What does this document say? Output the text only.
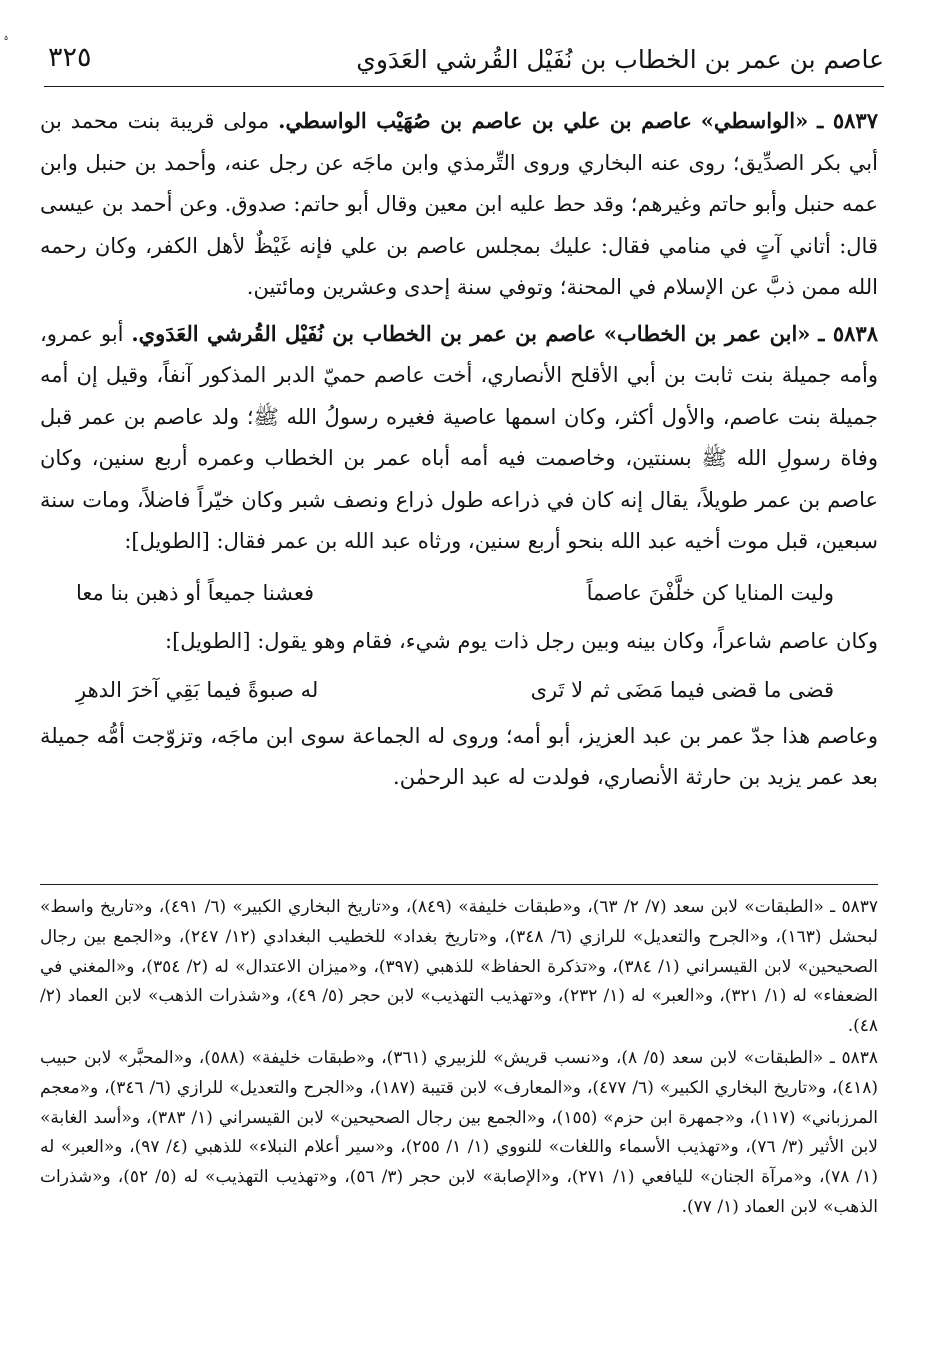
ﮦ
٣٢٥	عاصم بن عمر بن الخطاب بن نُفَيْل القُرشي العَدَوي

٥٨٣٧ ـ «الواسطي» عاصم بن علي بن عاصم بن صُهَيْب الواسطي. مولى قريبة بنت محمد بن أبي بكر الصدِّيق؛ روى عنه البخاري وروى التِّرمذي وابن ماجَه عن رجل عنه، وأحمد بن حنبل وابن عمه حنبل وأبو حاتم وغيرهم؛ وقد حط عليه ابن معين وقال أبو حاتم: صدوق. وعن أحمد بن عيسى قال: أتاني آتٍ في منامي فقال: عليك بمجلس عاصم بن علي فإنه غَيْظٌ لأهل الكفر، وكان رحمه الله ممن ذبَّ عن الإسلام في المحنة؛ وتوفي سنة إحدى وعشرين ومائتين.

٥٨٣٨ ـ «ابن عمر بن الخطاب» عاصم بن عمر بن الخطاب بن نُفَيْل القُرشي العَدَوي. أبو عمرو، وأمه جميلة بنت ثابت بن أبي الأقلح الأنصاري، أخت عاصم حميّ الدبر المذكور آنفاً، وقيل إن أمه جميلة بنت عاصم، والأول أكثر، وكان اسمها عاصية فغيره رسولُ الله ﷺ؛ ولد عاصم بن عمر قبل وفاة رسولِ الله ﷺ بسنتين، وخاصمت فيه أمه أباه عمر بن الخطاب وعمره أربع سنين، وكان عاصم بن عمر طويلاً، يقال إنه كان في ذراعه طول ذراع ونصف شبر وكان خيّراً فاضلاً، ومات سنة سبعين، قبل موت أخيه عبد الله بنحو أربع سنين، ورثاه عبد الله بن عمر فقال: [الطويل]:

وليت المنايا كن خلَّفْنَ عاصماً
فعشنا جميعاً أو ذهبن بنا معا

وكان عاصم شاعراً، وكان بينه وبين رجل ذات يوم شيء، فقام وهو يقول: [الطويل]:

قضى ما قضى فيما مَضَى ثم لا تَرى
له صبوةً فيما بَقِي آخرَ الدهرِ

وعاصم هذا جدّ عمر بن عبد العزيز، أبو أمه؛ وروى له الجماعة سوى ابن ماجَه، وتزوّجت أمُّه جميلة بعد عمر يزيد بن حارثة الأنصاري، فولدت له عبد الرحمٰن.

٥٨٣٧ ـ «الطبقات» لابن سعد (٧/ ٢/ ٦٣)، و«طبقات خليفة» (٨٤٩)، و«تاريخ البخاري الكبير» (٦/ ٤٩١)، و«تاريخ واسط» لبحشل (١٦٣)، و«الجرح والتعديل» للرازي (٦/ ٣٤٨)، و«تاريخ بغداد» للخطيب البغدادي (١٢/ ٢٤٧)، و«الجمع بين رجال الصحيحين» لابن القيسراني (١/ ٣٨٤)، و«تذكرة الحفاظ» للذهبي (٣٩٧)، و«ميزان الاعتدال» له (٢/ ٣٥٤)، و«المغني في الضعفاء» له (١/ ٣٢١)، و«العبر» له (١/ ٢٣٢)، و«تهذيب التهذيب» لابن حجر (٥/ ٤٩)، و«شذرات الذهب» لابن العماد (٢/ ٤٨).

٥٨٣٨ ـ «الطبقات» لابن سعد (٥/ ٨)، و«نسب قريش» للزبيري (٣٦١)، و«طبقات خليفة» (٥٨٨)، و«المحبَّر» لابن حبيب (٤١٨)، و«تاريخ البخاري الكبير» (٦/ ٤٧٧)، و«المعارف» لابن قتيبة (١٨٧)، و«الجرح والتعديل» للرازي (٦/ ٣٤٦)، و«معجم المرزباني» (١١٧)، و«جمهرة ابن حزم» (١٥٥)، و«الجمع بين رجال الصحيحين» لابن القيسراني (١/ ٣٨٣)، و«أسد الغابة» لابن الأثير (٣/ ٧٦)، و«تهذيب الأسماء واللغات» للنووي (١/ ١/ ٢٥٥)، و«سير أعلام النبلاء» للذهبي (٤/ ٩٧)، و«العبر» له (١/ ٧٨)، و«مرآة الجنان» لليافعي (١/ ٢٧١)، و«الإصابة» لابن حجر (٣/ ٥٦)، و«تهذيب التهذيب» له (٥/ ٥٢)، و«شذرات الذهب» لابن العماد (١/ ٧٧).
